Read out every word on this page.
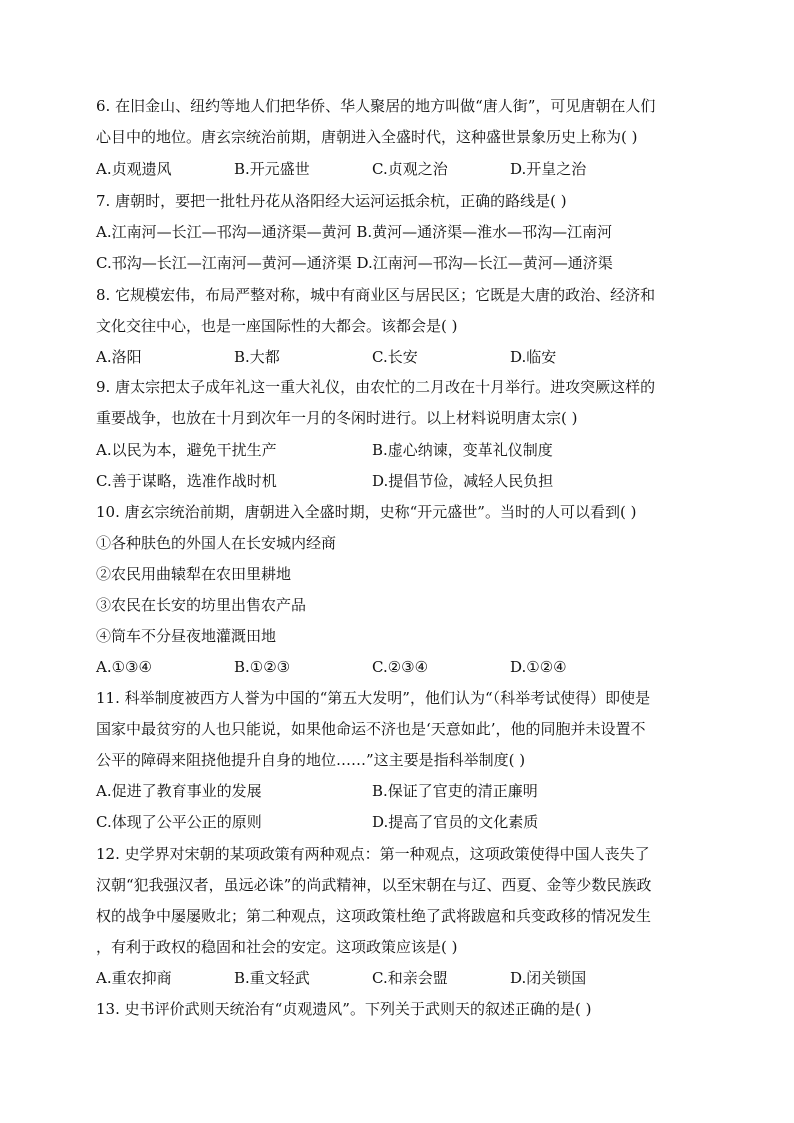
6. 在旧金山、纽约等地人们把华侨、华人聚居的地方叫做“唐人街”，可见唐朝在人们
心目中的地位。唐玄宗统治前期，唐朝进入全盛时代，这种盛世景象历史上称为( )
A.贞观遗风	B.开元盛世	C.贞观之治	D.开皇之治
7. 唐朝时，要把一批牡丹花从洛阳经大运河运抵余杭，正确的路线是( )
A.江南河—长江—邗沟—通济渠—黄河 B.黄河—通济渠—淮水—邗沟—江南河
C.邗沟—长江—江南河—黄河—通济渠 D.江南河—邗沟—长江—黄河—通济渠
8. 它规模宏伟，布局严整对称，城中有商业区与居民区；它既是大唐的政治、经济和
文化交往中心，也是一座国际性的大都会。该都会是( )
A.洛阳	B.大都	C.长安	D.临安
9. 唐太宗把太子成年礼这一重大礼仪，由农忙的二月改在十月举行。进攻突厥这样的
重要战争，也放在十月到次年一月的冬闲时进行。以上材料说明唐太宗( )
A.以民为本，避免干扰生产	B.虚心纳谏，变革礼仪制度
C.善于谋略，选准作战时机	D.提倡节俭，减轻人民负担
10. 唐玄宗统治前期，唐朝进入全盛时期，史称“开元盛世”。当时的人可以看到( )
①各种肤色的外国人在长安城内经商
②农民用曲辕犁在农田里耕地
③农民在长安的坊里出售农产品
④筒车不分昼夜地灌溉田地
A.①③④	B.①②③	C.②③④	D.①②④
11. 科举制度被西方人誉为中国的“第五大发明”，他们认为“（科举考试使得）即使是
国家中最贫穷的人也只能说，如果他命运不济也是‘天意如此’，他的同胞并未设置不
公平的障碍来阻挠他提升自身的地位……”这主要是指科举制度( )
A.促进了教育事业的发展	B.保证了官吏的清正廉明
C.体现了公平公正的原则	D.提高了官员的文化素质
12. 史学界对宋朝的某项政策有两种观点：第一种观点，这项政策使得中国人丧失了
汉朝“犯我强汉者，虽远必诛”的尚武精神，以至宋朝在与辽、西夏、金等少数民族政
权的战争中屡屡败北；第二种观点，这项政策杜绝了武将跋扈和兵变政移的情况发生
，有利于政权的稳固和社会的安定。这项政策应该是( )
A.重农抑商	B.重文轻武	C.和亲会盟	D.闭关锁国
13. 史书评价武则天统治有“贞观遗风”。下列关于武则天的叙述正确的是( )
